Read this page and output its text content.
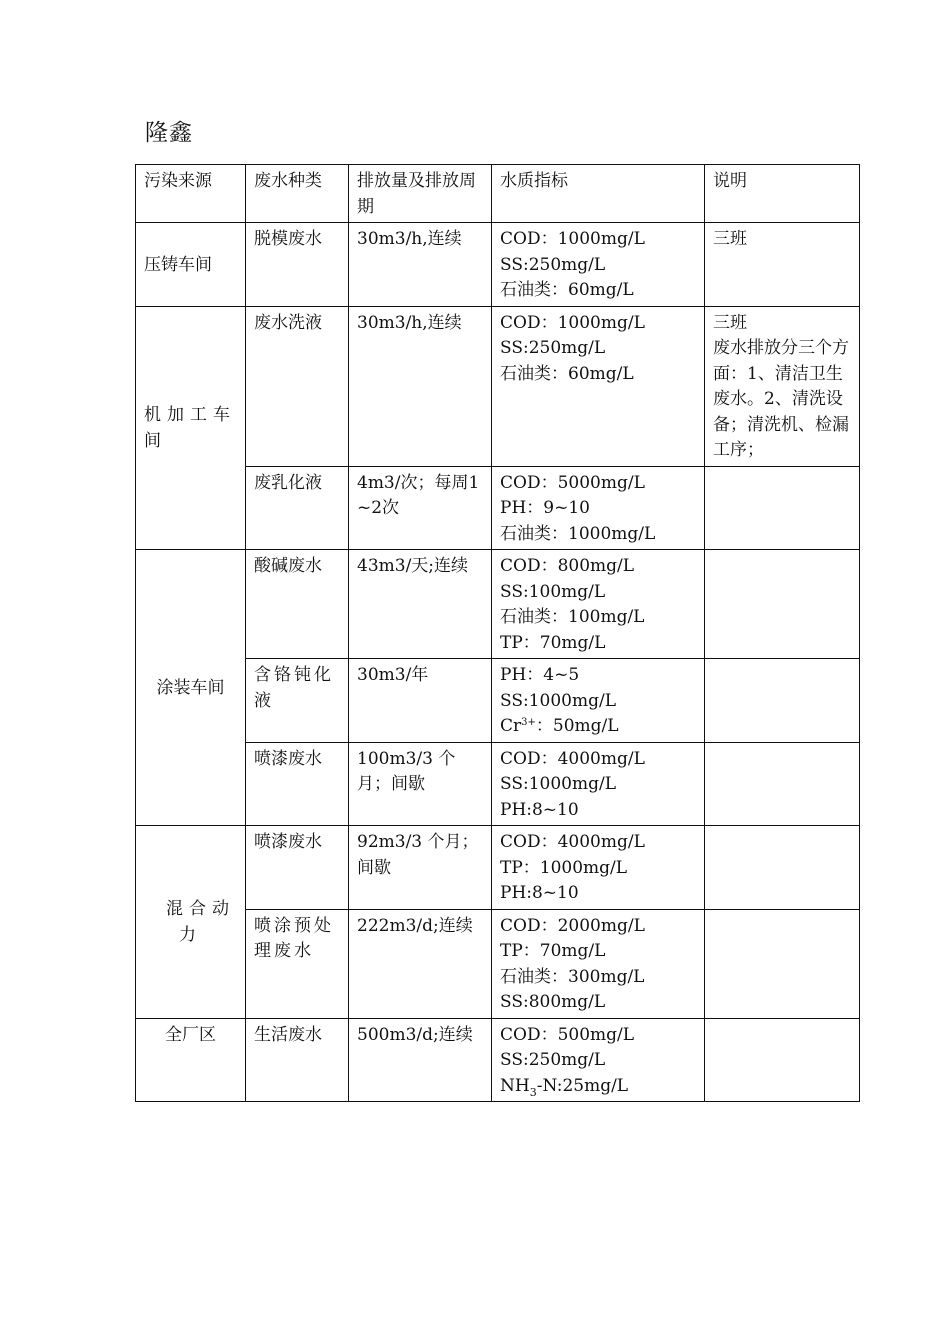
隆鑫
污染来源	废水种类	排放量及排放周期	水质指标	说明

压铸车间	脱模废水	30m3/h,连续	COD：1000mg/L
SS:250mg/L
石油类：60mg/L	三班

机加工车间	废水洗液	30m3/h,连续	COD：1000mg/L
SS:250mg/L
石油类：60mg/L	三班
废水排放分三个方面：1、清洁卫生废水。2、清洗设备；清洗机、检漏工序；

	废乳化液	4m3/次；每周1~2次	COD：5000mg/L
PH：9~10
石油类：1000mg/L	

涂装车间	酸碱废水	43m3/天;连续	COD：800mg/L
SS:100mg/L
石油类：100mg/L
TP：70mg/L	

	含铬钝化液	30m3/年	PH：4~5
SS:1000mg/L
$Cr^{3+}$：50mg/L	

	喷漆废水	100m3/3 个月；间歇	COD：4000mg/L
SS:1000mg/L
PH:8~10	

混合动力	喷漆废水	92m3/3 个月；间歇	COD：4000mg/L
TP：1000mg/L
PH:8~10	

	喷涂预处理废水	222m3/d;连续	COD：2000mg/L
TP：70mg/L
石油类：300mg/L
SS:800mg/L	

全厂区	生活废水	500m3/d;连续	COD：500mg/L
SS:250mg/L
$NH_3-N:25mg/L$	
